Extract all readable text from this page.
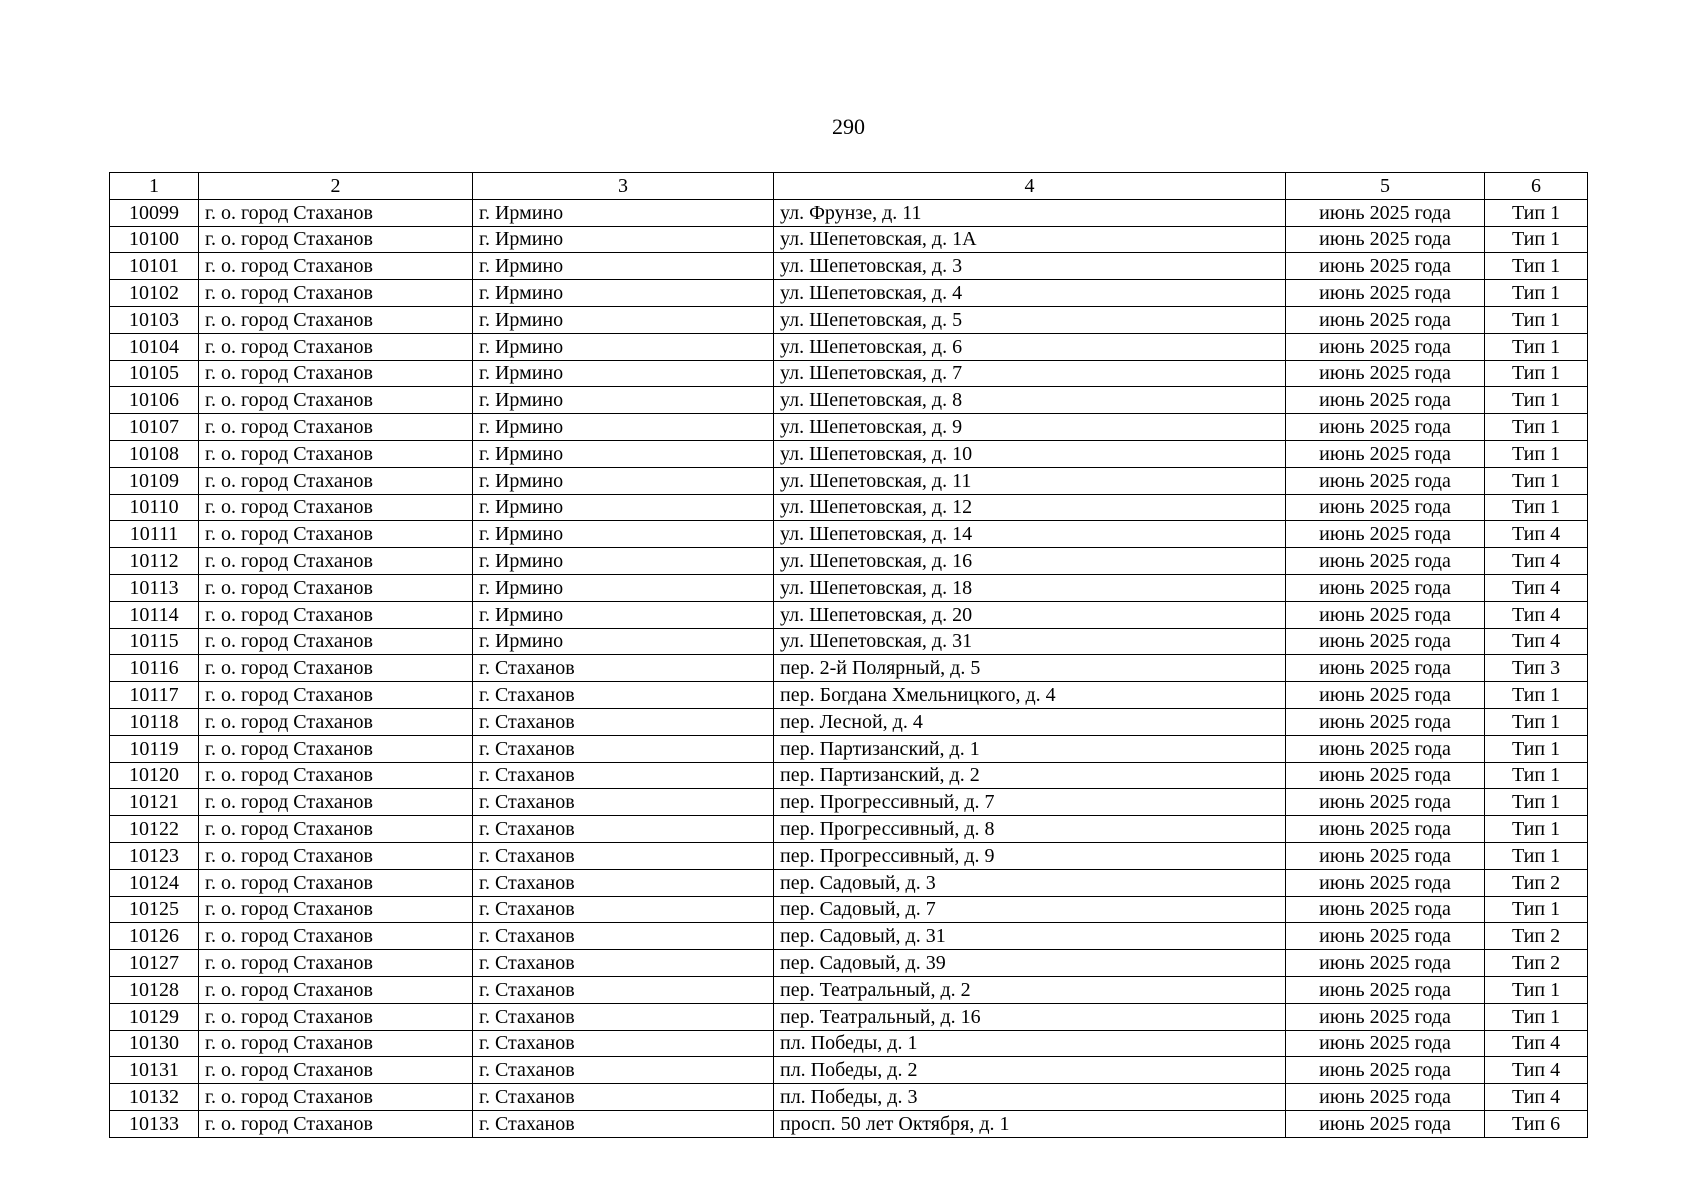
290
1	2	3	4	5	6
10099	г. о. город Стаханов	г. Ирмино	ул. Фрунзе, д. 11	июнь 2025 года	Тип 1
10100	г. о. город Стаханов	г. Ирмино	ул. Шепетовская, д. 1А	июнь 2025 года	Тип 1
10101	г. о. город Стаханов	г. Ирмино	ул. Шепетовская, д. 3	июнь 2025 года	Тип 1
10102	г. о. город Стаханов	г. Ирмино	ул. Шепетовская, д. 4	июнь 2025 года	Тип 1
10103	г. о. город Стаханов	г. Ирмино	ул. Шепетовская, д. 5	июнь 2025 года	Тип 1
10104	г. о. город Стаханов	г. Ирмино	ул. Шепетовская, д. 6	июнь 2025 года	Тип 1
10105	г. о. город Стаханов	г. Ирмино	ул. Шепетовская, д. 7	июнь 2025 года	Тип 1
10106	г. о. город Стаханов	г. Ирмино	ул. Шепетовская, д. 8	июнь 2025 года	Тип 1
10107	г. о. город Стаханов	г. Ирмино	ул. Шепетовская, д. 9	июнь 2025 года	Тип 1
10108	г. о. город Стаханов	г. Ирмино	ул. Шепетовская, д. 10	июнь 2025 года	Тип 1
10109	г. о. город Стаханов	г. Ирмино	ул. Шепетовская, д. 11	июнь 2025 года	Тип 1
10110	г. о. город Стаханов	г. Ирмино	ул. Шепетовская, д. 12	июнь 2025 года	Тип 1
10111	г. о. город Стаханов	г. Ирмино	ул. Шепетовская, д. 14	июнь 2025 года	Тип 4
10112	г. о. город Стаханов	г. Ирмино	ул. Шепетовская, д. 16	июнь 2025 года	Тип 4
10113	г. о. город Стаханов	г. Ирмино	ул. Шепетовская, д. 18	июнь 2025 года	Тип 4
10114	г. о. город Стаханов	г. Ирмино	ул. Шепетовская, д. 20	июнь 2025 года	Тип 4
10115	г. о. город Стаханов	г. Ирмино	ул. Шепетовская, д. 31	июнь 2025 года	Тип 4
10116	г. о. город Стаханов	г. Стаханов	пер. 2-й Полярный, д. 5	июнь 2025 года	Тип 3
10117	г. о. город Стаханов	г. Стаханов	пер. Богдана Хмельницкого, д. 4	июнь 2025 года	Тип 1
10118	г. о. город Стаханов	г. Стаханов	пер. Лесной, д. 4	июнь 2025 года	Тип 1
10119	г. о. город Стаханов	г. Стаханов	пер. Партизанский, д. 1	июнь 2025 года	Тип 1
10120	г. о. город Стаханов	г. Стаханов	пер. Партизанский, д. 2	июнь 2025 года	Тип 1
10121	г. о. город Стаханов	г. Стаханов	пер. Прогрессивный, д. 7	июнь 2025 года	Тип 1
10122	г. о. город Стаханов	г. Стаханов	пер. Прогрессивный, д. 8	июнь 2025 года	Тип 1
10123	г. о. город Стаханов	г. Стаханов	пер. Прогрессивный, д. 9	июнь 2025 года	Тип 1
10124	г. о. город Стаханов	г. Стаханов	пер. Садовый, д. 3	июнь 2025 года	Тип 2
10125	г. о. город Стаханов	г. Стаханов	пер. Садовый, д. 7	июнь 2025 года	Тип 1
10126	г. о. город Стаханов	г. Стаханов	пер. Садовый, д. 31	июнь 2025 года	Тип 2
10127	г. о. город Стаханов	г. Стаханов	пер. Садовый, д. 39	июнь 2025 года	Тип 2
10128	г. о. город Стаханов	г. Стаханов	пер. Театральный, д. 2	июнь 2025 года	Тип 1
10129	г. о. город Стаханов	г. Стаханов	пер. Театральный, д. 16	июнь 2025 года	Тип 1
10130	г. о. город Стаханов	г. Стаханов	пл. Победы, д. 1	июнь 2025 года	Тип 4
10131	г. о. город Стаханов	г. Стаханов	пл. Победы, д. 2	июнь 2025 года	Тип 4
10132	г. о. город Стаханов	г. Стаханов	пл. Победы, д. 3	июнь 2025 года	Тип 4
10133	г. о. город Стаханов	г. Стаханов	просп. 50 лет Октября, д. 1	июнь 2025 года	Тип 6
